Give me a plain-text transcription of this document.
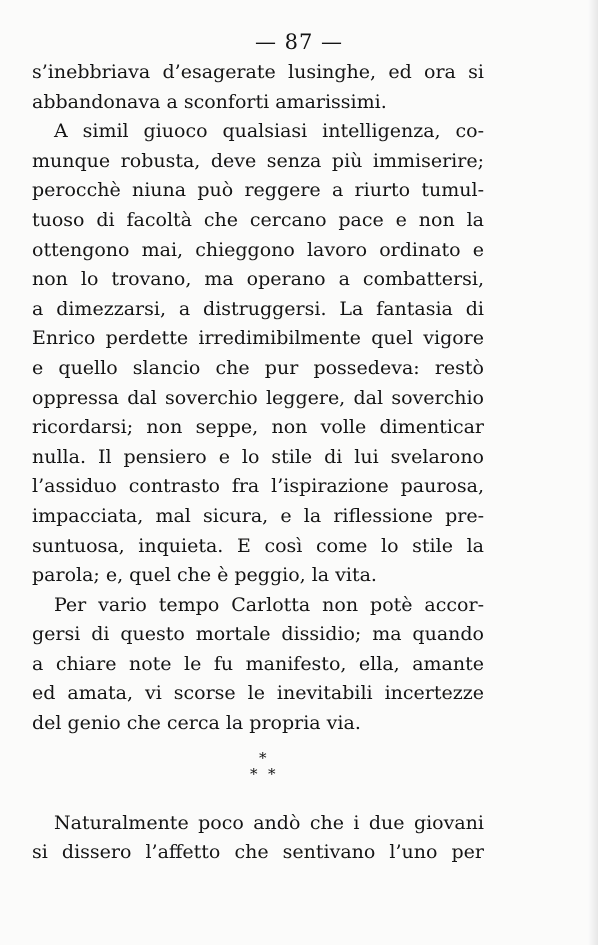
— 87 —
s’inebbriava d’esagerate lusinghe, ed ora si
abbandonava a sconforti amarissimi.
A simil giuoco qualsiasi intelligenza, co-
munque robusta, deve senza più immiserire;
perocchè niuna può reggere a riurto tumul-
tuoso di facoltà che cercano pace e non la
ottengono mai, chieggono lavoro ordinato e
non lo trovano, ma operano a combattersi,
a dimezzarsi, a distruggersi. La fantasia di
Enrico perdette irredimibilmente quel vigore
e quello slancio che pur possedeva: restò
oppressa dal soverchio leggere, dal soverchio
ricordarsi; non seppe, non volle dimenticar
nulla. Il pensiero e lo stile di lui svelarono
l’assiduo contrasto fra l’ispirazione paurosa,
impacciata, mal sicura, e la riflessione pre-
suntuosa, inquieta. E così come lo stile la
parola; e, quel che è peggio, la vita.
Per vario tempo Carlotta non potè accor-
gersi di questo mortale dissidio; ma quando
a chiare note le fu manifesto, ella, amante
ed amata, vi scorse le inevitabili incertezze
del genio che cerca la propria via.
*
* *
Naturalmente poco andò che i due giovani
si dissero l’affetto che sentivano l’uno per
